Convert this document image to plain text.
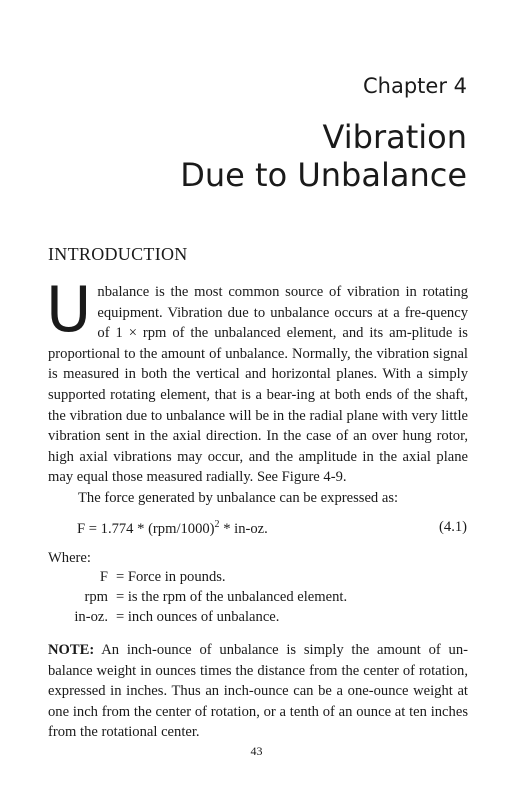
Chapter 4
Vibration
Due to Unbalance
INTRODUCTION

Unbalance is the most common source of vibration in rotating equipment. Vibration due to unbalance occurs at a fre-quency of 1 × rpm of the unbalanced element, and its am-plitude is proportional to the amount of unbalance. Normally, the vibration signal is measured in both the vertical and horizontal planes. With a simply supported rotating element, that is a bear-ing at both ends of the shaft, the vibration due to unbalance will be in the radial plane with very little vibration sent in the axial direction. In the case of an over hung rotor, high axial vibrations may occur, and the amplitude in the axial plane may equal those measured radially. See Figure 4-9.

The force generated by unbalance can be expressed as:

$F = 1.774 * (rpm/1000)^2 * in-oz$.	(4.1)
Where:
F = Force in pounds.
rpm = is the rpm of the unbalanced element.
in-oz. = inch ounces of unbalance.
NOTE: An inch-ounce of unbalance is simply the amount of un-balance weight in ounces times the distance from the center of rotation, expressed in inches. Thus an inch-ounce can be a one-ounce weight at one inch from the center of rotation, or a tenth of an ounce at ten inches from the rotational center.
43
